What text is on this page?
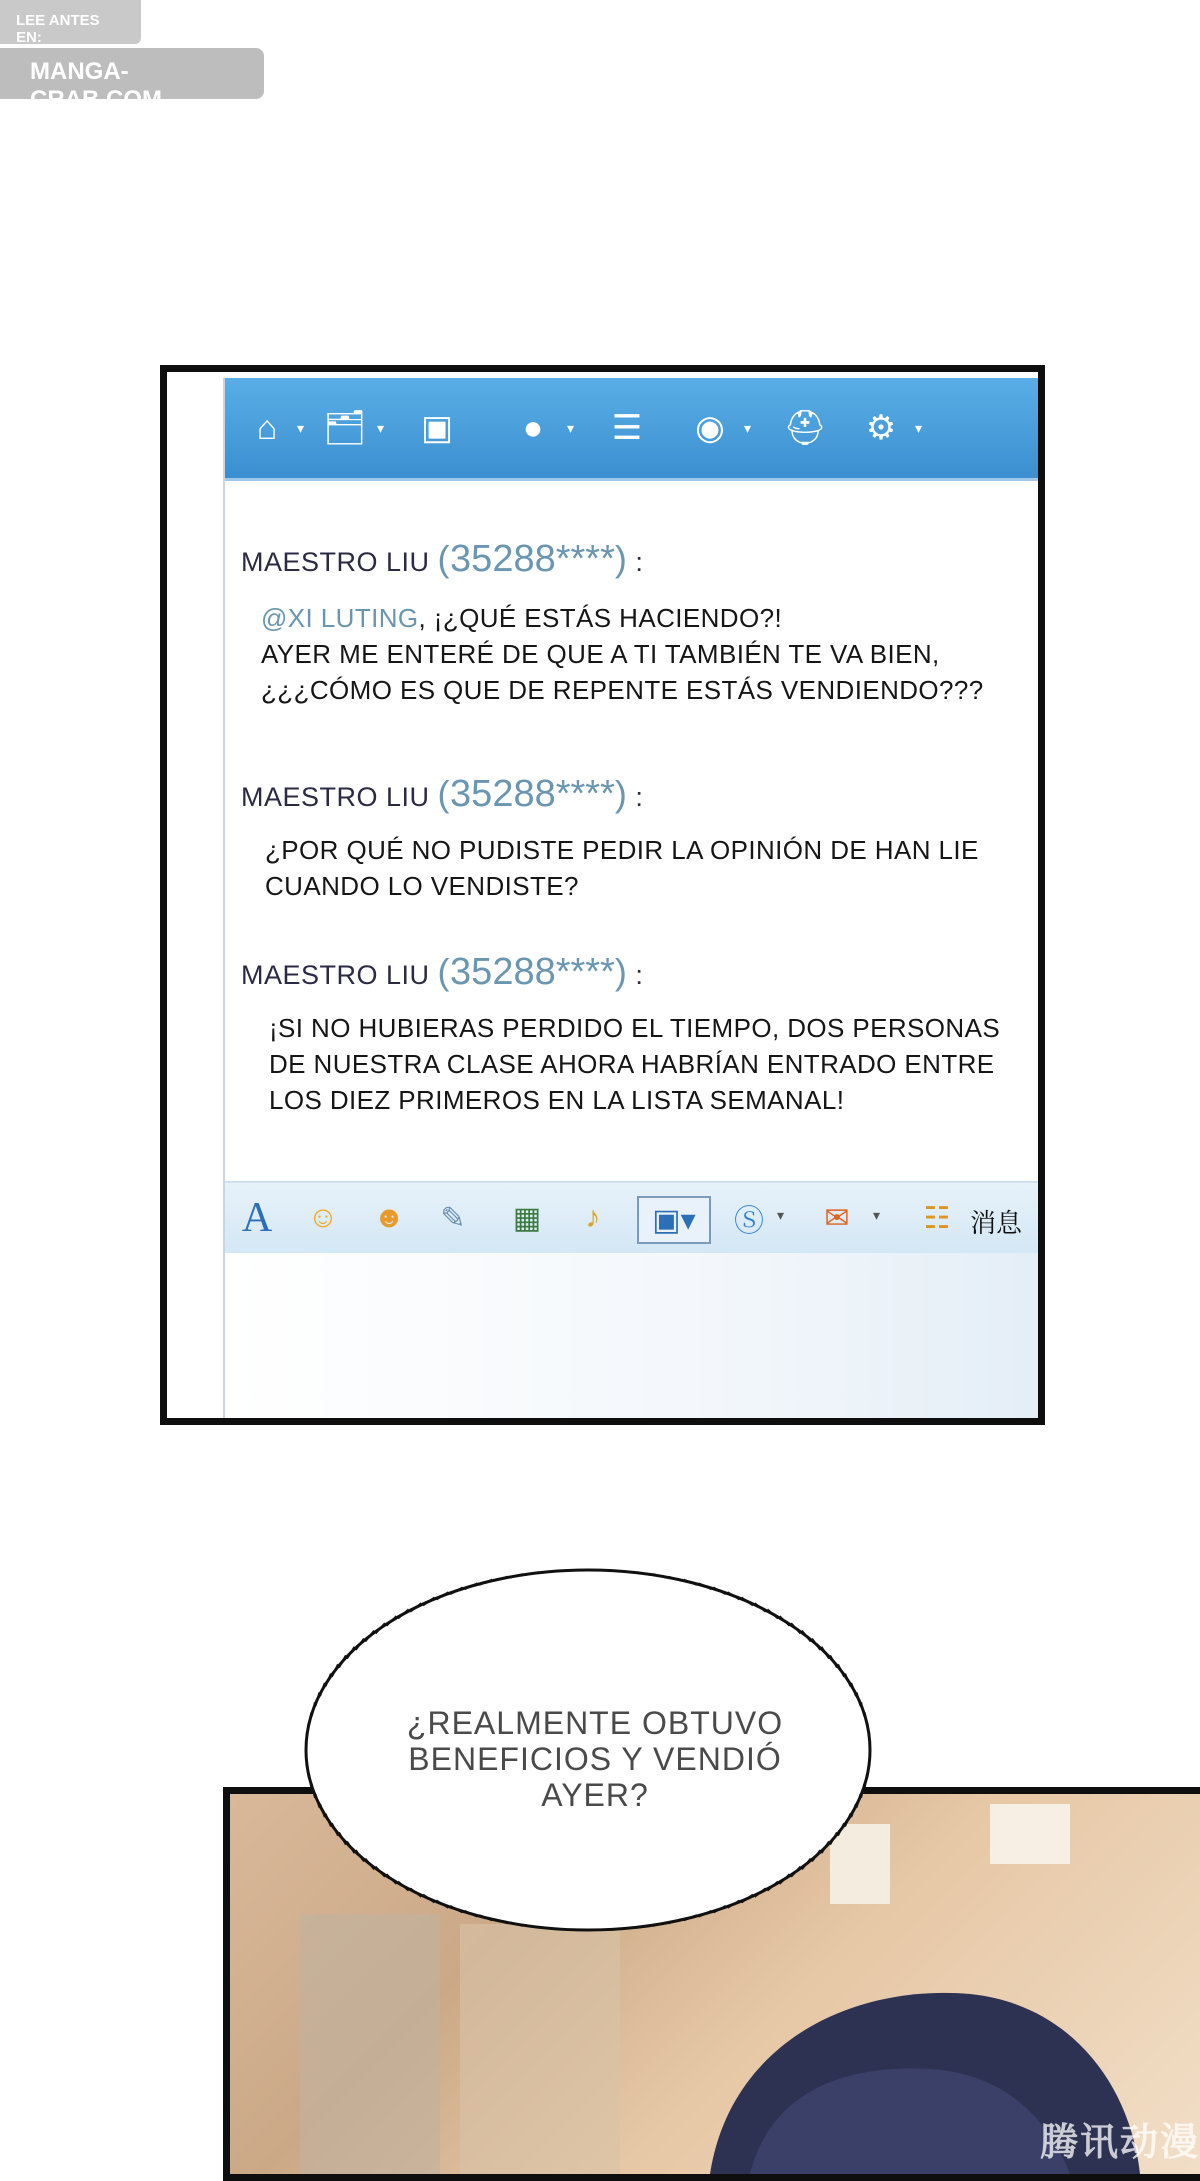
LEE ANTES EN:
MANGA-CRAB.COM
⌂	▾ 🗂 ▾ ▣ ●	▾ ☰ ◉	▾ ⛑ ⚙	▾
MAESTRO LIU (35288****) :
@XI LUTING, ¡¿QUÉ ESTÁS HACIENDO?!
AYER ME ENTERÉ DE QUE A TI TAMBIÉN TE VA BIEN,
¿¿¿CÓMO ES QUE DE REPENTE ESTÁS VENDIENDO???
MAESTRO LIU (35288****) :
¿POR QUÉ NO PUDISTE PEDIR LA OPINIÓN DE HAN LIE
CUANDO LO VENDISTE?
MAESTRO LIU (35288****) :
¡SI NO HUBIERAS PERDIDO EL TIEMPO, DOS PERSONAS
DE NUESTRA CLASE AHORA HABRÍAN ENTRADO ENTRE
LOS DIEZ PRIMEROS EN LA LISTA SEMANAL!
A ☺ ☻	✎	▦	♪	▣▾	Ⓢ ▾	✉	▾ ☷ 消息
腾讯动漫
¿REALMENTE OBTUVO
BENEFICIOS Y VENDIÓ
AYER?
